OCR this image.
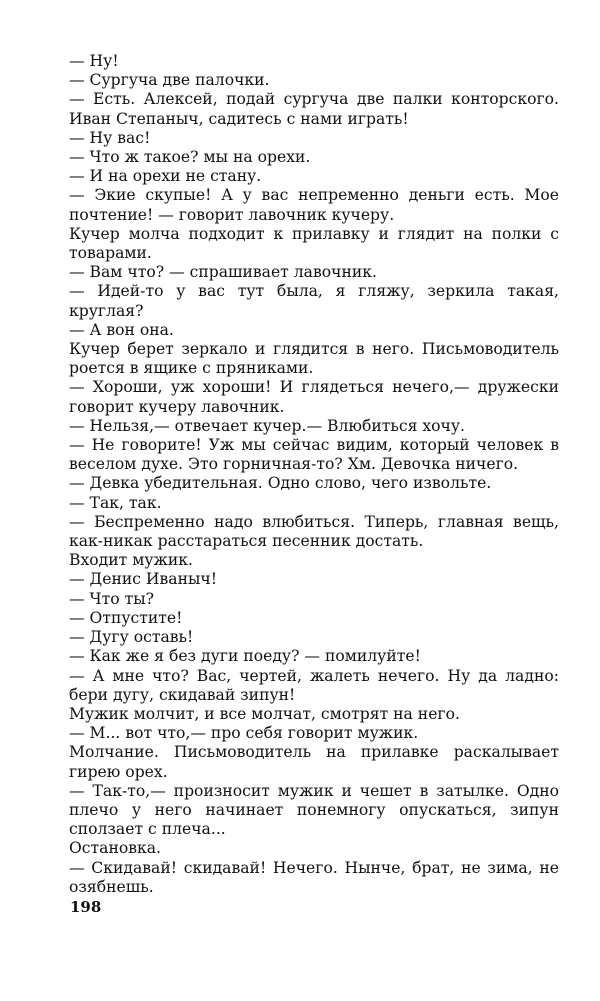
— Ну!

— Сургуча две палочки.

— Есть. Алексей, подай сургуча две палки конторского. Иван Степаныч, садитесь с нами играть!

— Ну вас!

— Что ж такое? мы на орехи.

— И на орехи не стану.

— Экие скупые! А у вас непременно деньги есть. Мое почтение! — говорит лавочник кучеру.

Кучер молча подходит к прилавку и глядит на полки с товарами.

— Вам что? — спрашивает лавочник.

— Идей-то у вас тут была, я гляжу, зеркила такая, круглая?

— А вон она.

Кучер берет зеркало и глядится в него. Письмоводитель роется в ящике с пряниками.

— Хороши, уж хороши! И глядеться нечего,— дружески говорит кучеру лавочник.

— Нельзя,— отвечает кучер.— Влюбиться хочу.

— Не говорите! Уж мы сейчас видим, который человек в веселом духе. Это горничная-то? Хм. Девочка ничего.

— Девка убедительная. Одно слово, чего извольте.

— Так, так.

— Беспременно надо влюбиться. Типерь, главная вещь, как-никак расстараться песенник достать.

Входит мужик.

— Денис Иваныч!

— Что ты?

— Отпустите!

— Дугу оставь!

— Как же я без дуги поеду? — помилуйте!

— А мне что? Вас, чертей, жалеть нечего. Ну да ладно: бери дугу, скидавай зипун!

Мужик молчит, и все молчат, смотрят на него.

— М... вот что,— про себя говорит мужик.

Молчание. Письмоводитель на прилавке раскалывает гирею орех.

— Так-то,— произносит мужик и чешет в затылке. Одно плечо у него начинает понемногу опускаться, зипун сползает с плеча...

Остановка.

— Скидавай! скидавай! Нечего. Нынче, брат, не зима, не озябнешь.

198
